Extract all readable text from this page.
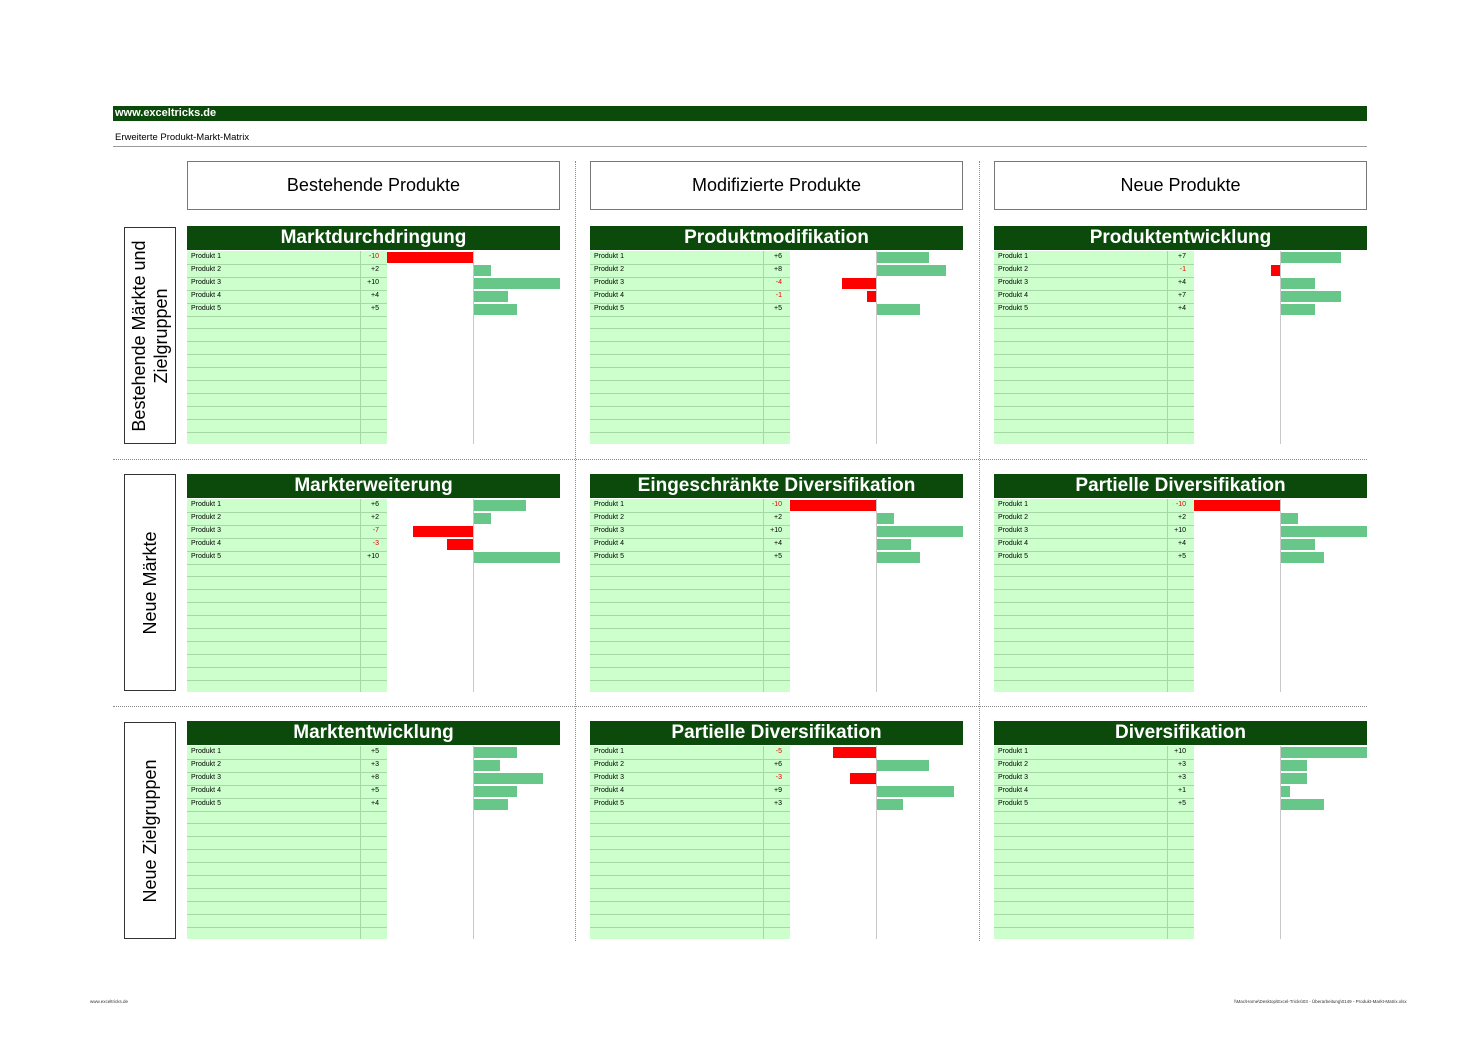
www.exceltricks.de
Erweiterte Produkt-Markt-Matrix
Bestehende Produkte	Modifizierte Produkte	Neue Produkte
Bestehende Märkte und Zielgruppen
Neue Märkte
Neue Zielgruppen
Marktdurchdringung
Produkt 1	-10
Produkt 2	+2
Produkt 3	+10
Produkt 4	+4
Produkt 5	+5
Produktmodifikation
Produkt 1	+6
Produkt 2	+8
Produkt 3	-4
Produkt 4	-1
Produkt 5	+5
Produktentwicklung
Produkt 1	+7
Produkt 2	-1
Produkt 3	+4
Produkt 4	+7
Produkt 5	+4
Markterweiterung
Produkt 1	+6
Produkt 2	+2
Produkt 3	-7
Produkt 4	-3
Produkt 5	+10
Eingeschränkte Diversifikation
Produkt 1	-10
Produkt 2	+2
Produkt 3	+10
Produkt 4	+4
Produkt 5	+5
Partielle Diversifikation
Produkt 1	-10
Produkt 2	+2
Produkt 3	+10
Produkt 4	+4
Produkt 5	+5
Marktentwicklung
Produkt 1	+5
Produkt 2	+3
Produkt 3	+8
Produkt 4	+5
Produkt 5	+4
Partielle Diversifikation
Produkt 1	-5
Produkt 2	+6
Produkt 3	-3
Produkt 4	+9
Produkt 5	+3
Diversifikation
Produkt 1	+10
Produkt 2	+3
Produkt 3	+3
Produkt 4	+1
Produkt 5	+5
www.exceltricks.de	\\Mac\Home\Desktop\Excel-Tricks\03 - Überarbeitung\0149 - Produkt-Markt-Matrix.xlsx
